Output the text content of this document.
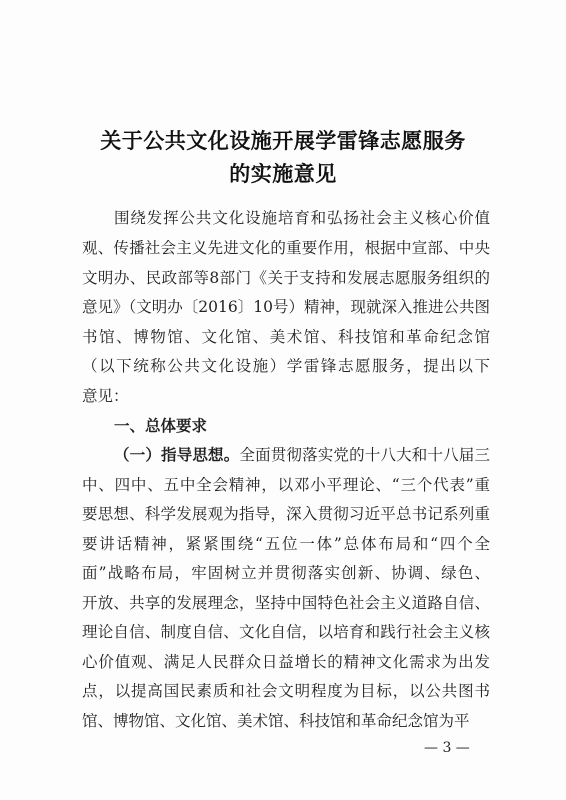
关于公共文化设施开展学雷锋志愿服务
的实施意见
围绕发挥公共文化设施培育和弘扬社会主义核心价值
观、传播社会主义先进文化的重要作用，根据中宣部、中央
文明办、民政部等8部门《关于支持和发展志愿服务组织的
意见》（文明办〔2016〕10号）精神，现就深入推进公共图
书馆、博物馆、文化馆、美术馆、科技馆和革命纪念馆
（以下统称公共文化设施）学雷锋志愿服务，提出以下
意见：
一、总体要求
（一）指导思想。全面贯彻落实党的十八大和十八届三
中、四中、五中全会精神，以邓小平理论、“三个代表”重
要思想、科学发展观为指导，深入贯彻习近平总书记系列重
要讲话精神，紧紧围绕“五位一体”总体布局和“四个全
面”战略布局，牢固树立并贯彻落实创新、协调、绿色、
开放、共享的发展理念，坚持中国特色社会主义道路自信、
理论自信、制度自信、文化自信，以培育和践行社会主义核
心价值观、满足人民群众日益增长的精神文化需求为出发
点，以提高国民素质和社会文明程度为目标，以公共图书
馆、博物馆、文化馆、美术馆、科技馆和革命纪念馆为平
— 3 —
